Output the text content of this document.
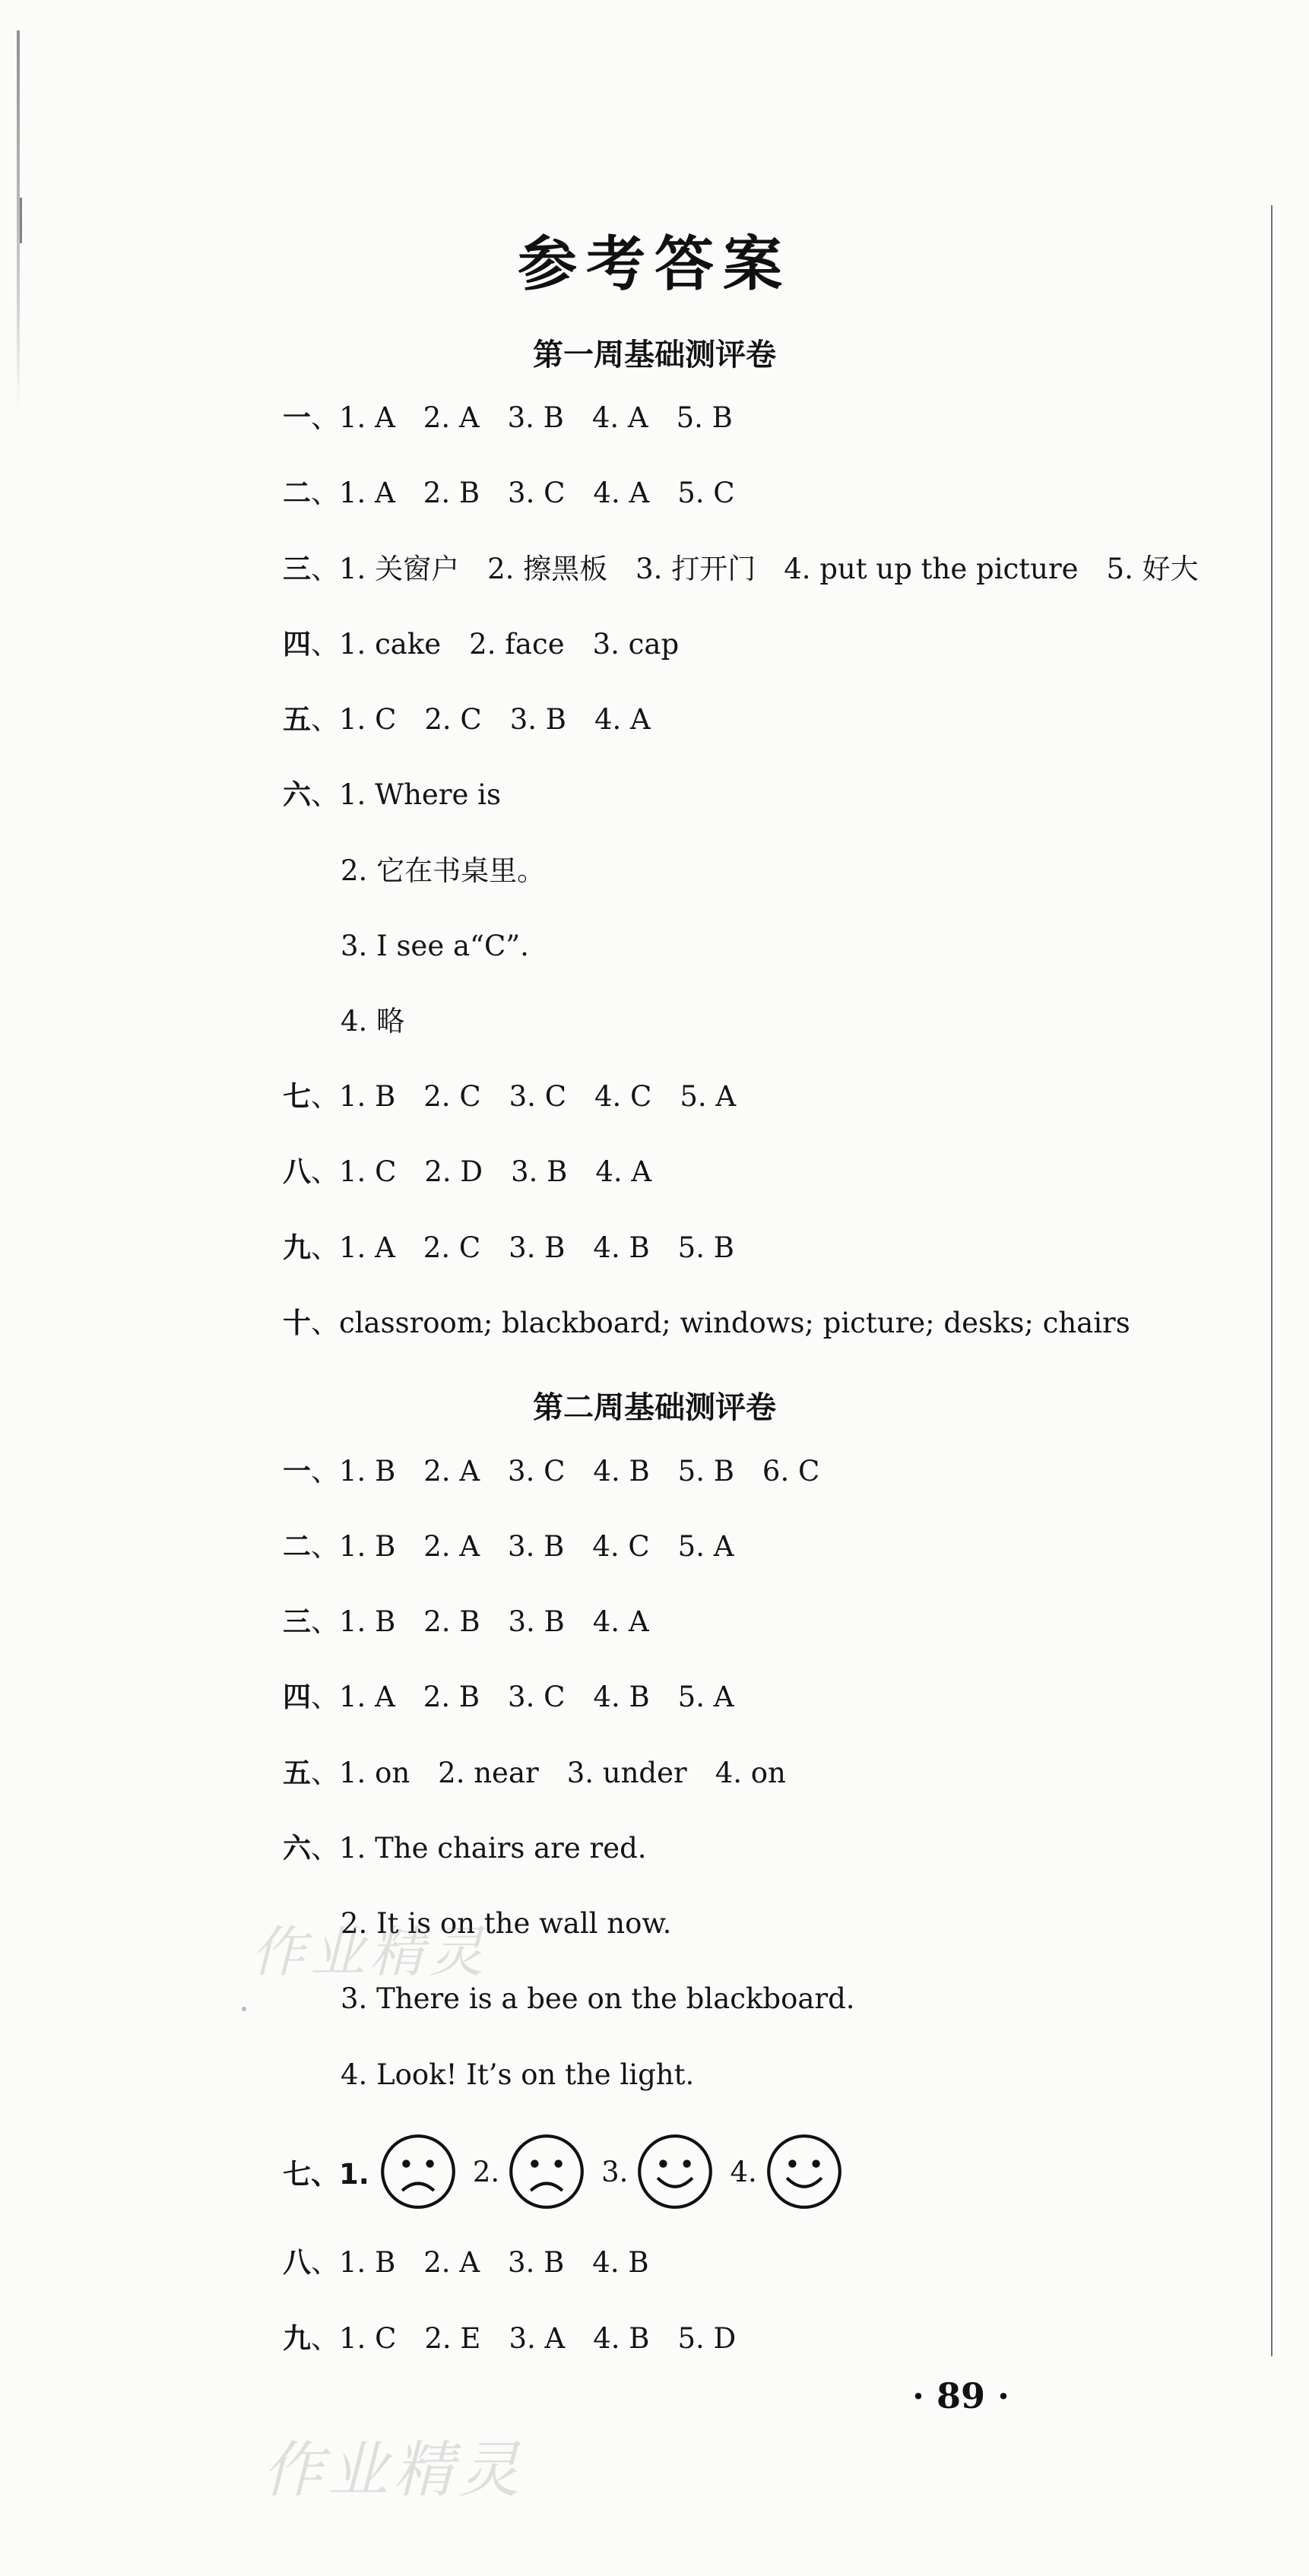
参考答案
第一周基础测评卷
一、1. A　2. A　3. B　4. A　5. B
二、1. A　2. B　3. C　4. A　5. C
三、1. 关窗户　2. 擦黑板　3. 打开门　4. put up the picture　5. 好大
四、1. cake　2. face　3. cap
五、1. C　2. C　3. B　4. A
六、1. Where is
2. 它在书桌里。
3. I see a“C”.
4. 略
七、1. B　2. C　3. C　4. C　5. A
八、1. C　2. D　3. B　4. A
九、1. A　2. C　3. B　4. B　5. B
十、classroom; blackboard; windows; picture; desks; chairs
第二周基础测评卷
一、1. B　2. A　3. C　4. B　5. B　6. C
二、1. B　2. A　3. B　4. C　5. A
三、1. B　2. B　3. B　4. A
四、1. A　2. B　3. C　4. B　5. A
五、1. on　2. near　3. under　4. on
六、1. The chairs are red.
2. It is on the wall now.
3. There is a bee on the blackboard.
4. Look! It’s on the light.
七、1.	2.	3.	4.
八、1. B　2. A　3. B　4. B
九、1. C　2. E　3. A　4. B　5. D
· 89 ·
作业精灵
作业精灵
